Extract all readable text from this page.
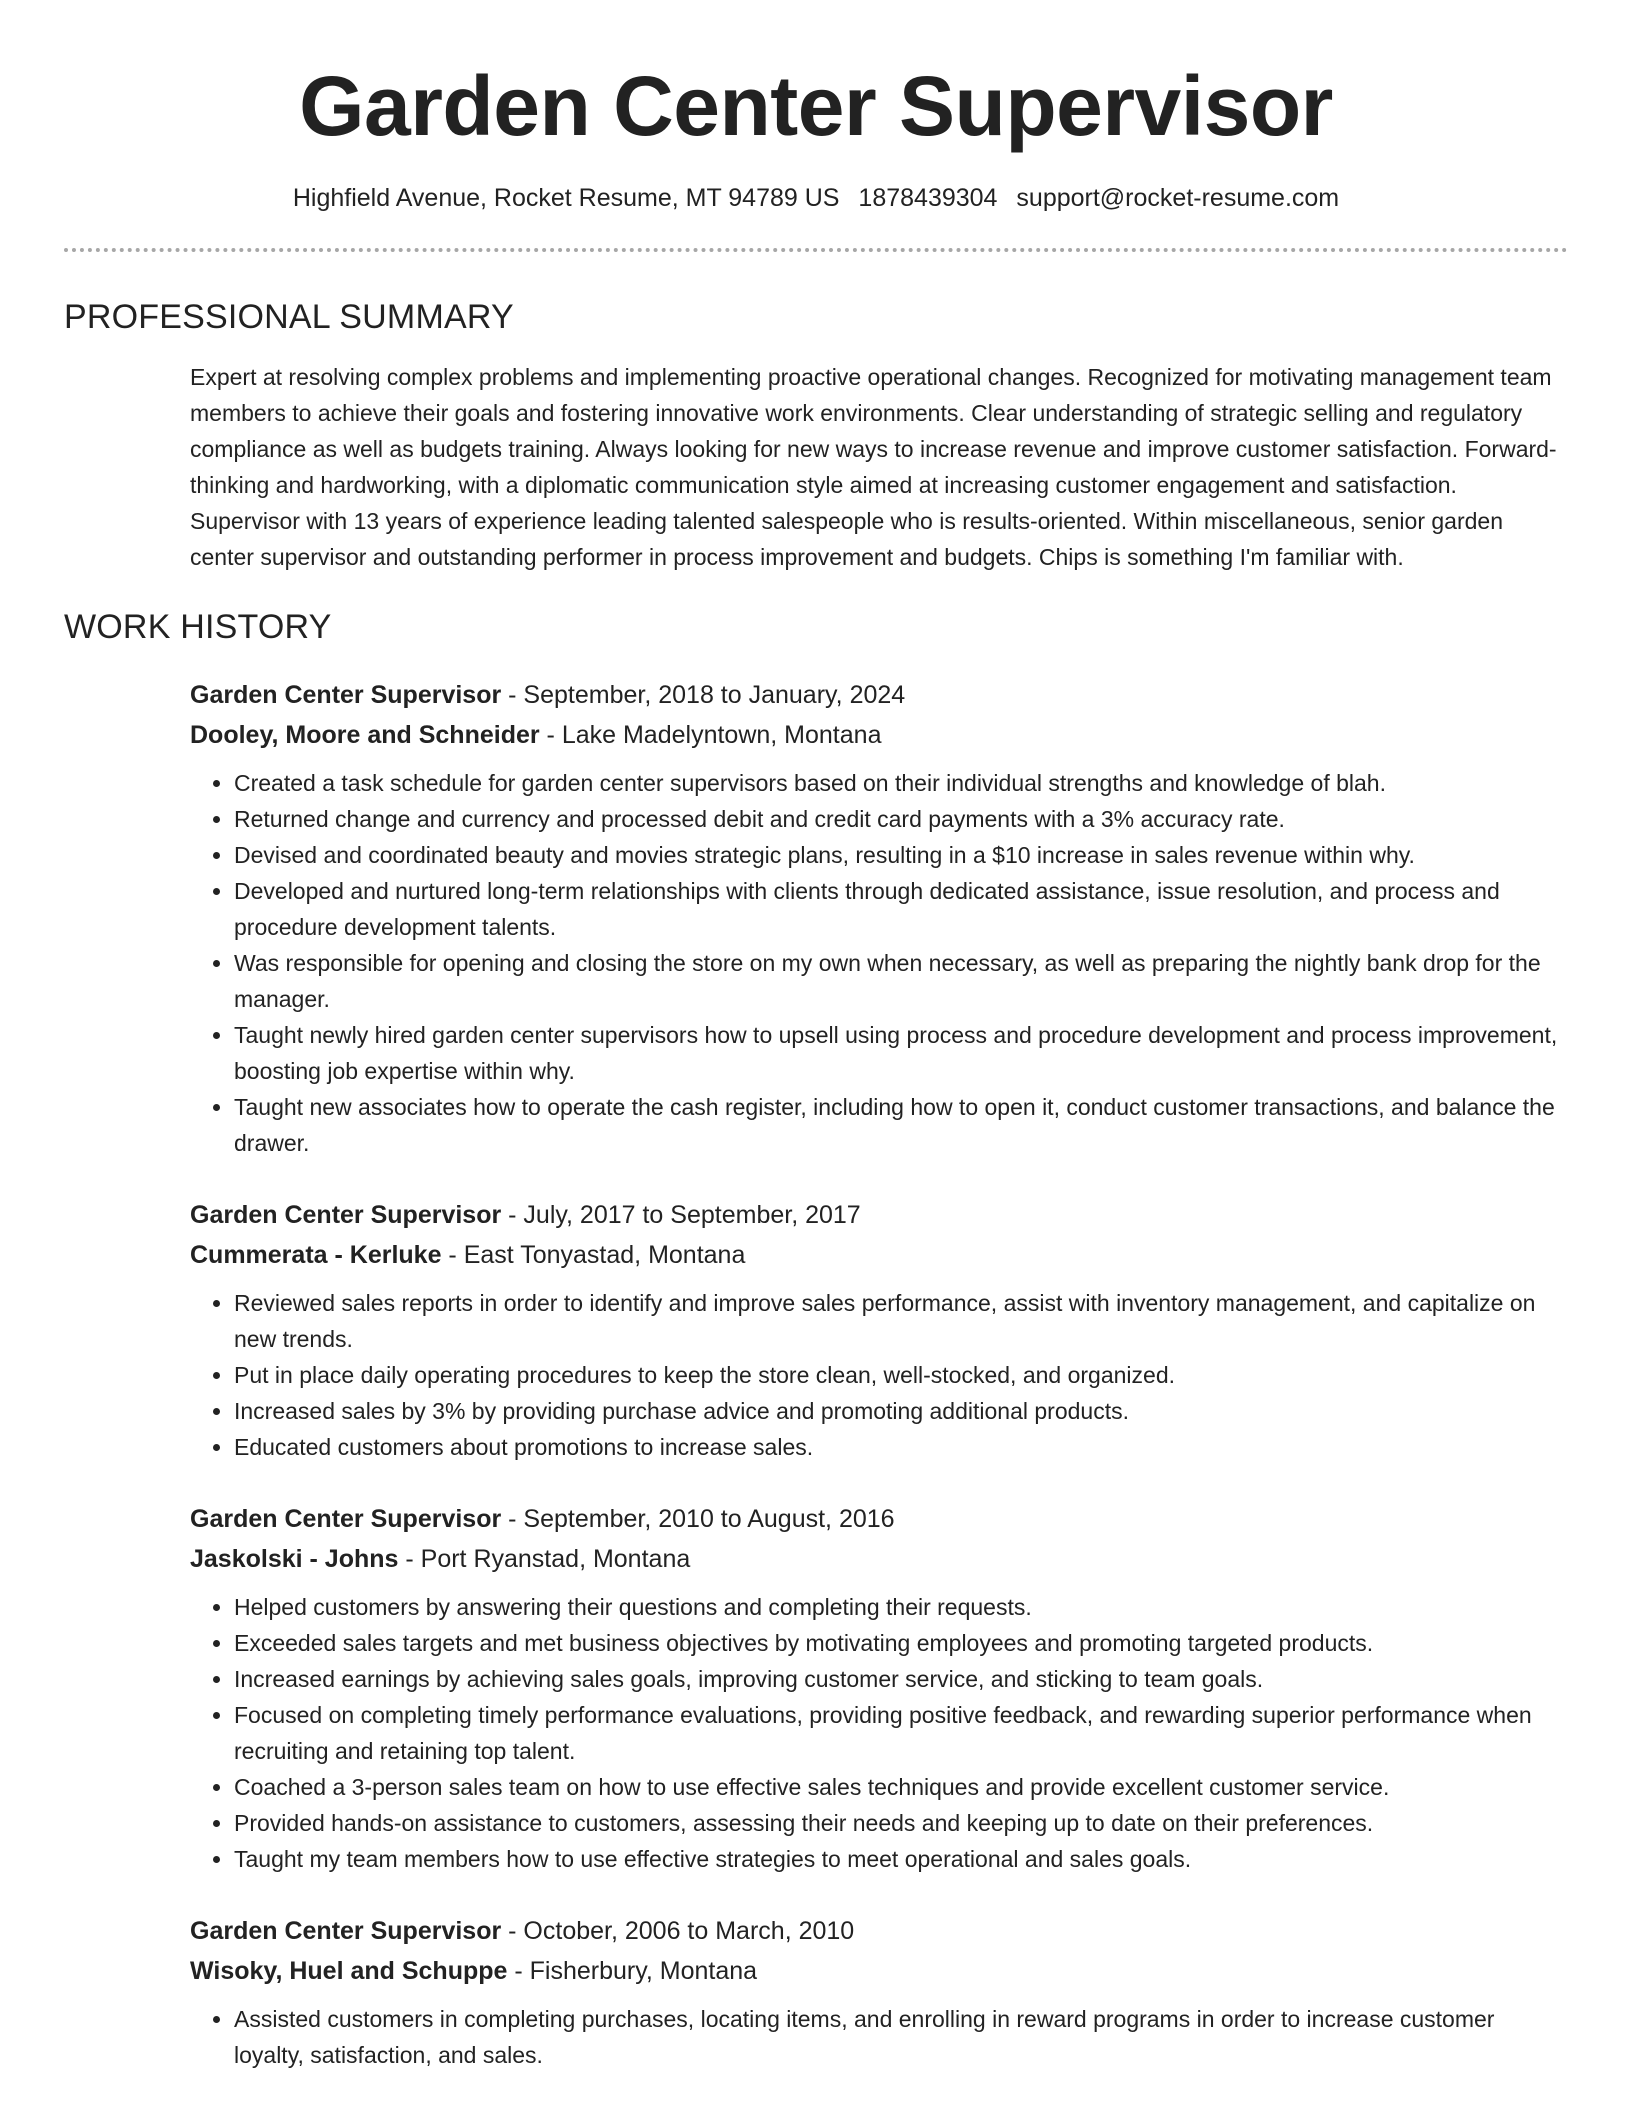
Garden Center Supervisor
Highfield Avenue, Rocket Resume, MT 94789 US 1878439304 support@rocket-resume.com
PROFESSIONAL SUMMARY

Expert at resolving complex problems and implementing proactive operational changes. Recognized for motivating management team members to achieve their goals and fostering innovative work environments. Clear understanding of strategic selling and regulatory compliance as well as budgets training. Always looking for new ways to increase revenue and improve customer satisfaction. Forward-thinking and hardworking, with a diplomatic communication style aimed at increasing customer engagement and satisfaction. Supervisor with 13 years of experience leading talented salespeople who is results-oriented. Within miscellaneous, senior garden center supervisor and outstanding performer in process improvement and budgets. Chips is something I'm familiar with.

WORK HISTORY
Garden Center Supervisor - September, 2018 to January, 2024
Dooley, Moore and Schneider - Lake Madelyntown, Montana
• Created a task schedule for garden center supervisors based on their individual strengths and knowledge of blah.
• Returned change and currency and processed debit and credit card payments with a 3% accuracy rate.
• Devised and coordinated beauty and movies strategic plans, resulting in a $10 increase in sales revenue within why.
• Developed and nurtured long-term relationships with clients through dedicated assistance, issue resolution, and process and procedure development talents.
• Was responsible for opening and closing the store on my own when necessary, as well as preparing the nightly bank drop for the manager.
• Taught newly hired garden center supervisors how to upsell using process and procedure development and process improvement, boosting job expertise within why.
• Taught new associates how to operate the cash register, including how to open it, conduct customer transactions, and balance the drawer.
Garden Center Supervisor - July, 2017 to September, 2017
Cummerata - Kerluke - East Tonyastad, Montana
• Reviewed sales reports in order to identify and improve sales performance, assist with inventory management, and capitalize on new trends.
• Put in place daily operating procedures to keep the store clean, well-stocked, and organized.
• Increased sales by 3% by providing purchase advice and promoting additional products.
• Educated customers about promotions to increase sales.
Garden Center Supervisor - September, 2010 to August, 2016
Jaskolski - Johns - Port Ryanstad, Montana
• Helped customers by answering their questions and completing their requests.
• Exceeded sales targets and met business objectives by motivating employees and promoting targeted products.
• Increased earnings by achieving sales goals, improving customer service, and sticking to team goals.
• Focused on completing timely performance evaluations, providing positive feedback, and rewarding superior performance when recruiting and retaining top talent.
• Coached a 3-person sales team on how to use effective sales techniques and provide excellent customer service.
• Provided hands-on assistance to customers, assessing their needs and keeping up to date on their preferences.
• Taught my team members how to use effective strategies to meet operational and sales goals.
Garden Center Supervisor - October, 2006 to March, 2010
Wisoky, Huel and Schuppe - Fisherbury, Montana
• Assisted customers in completing purchases, locating items, and enrolling in reward programs in order to increase customer loyalty, satisfaction, and sales.
